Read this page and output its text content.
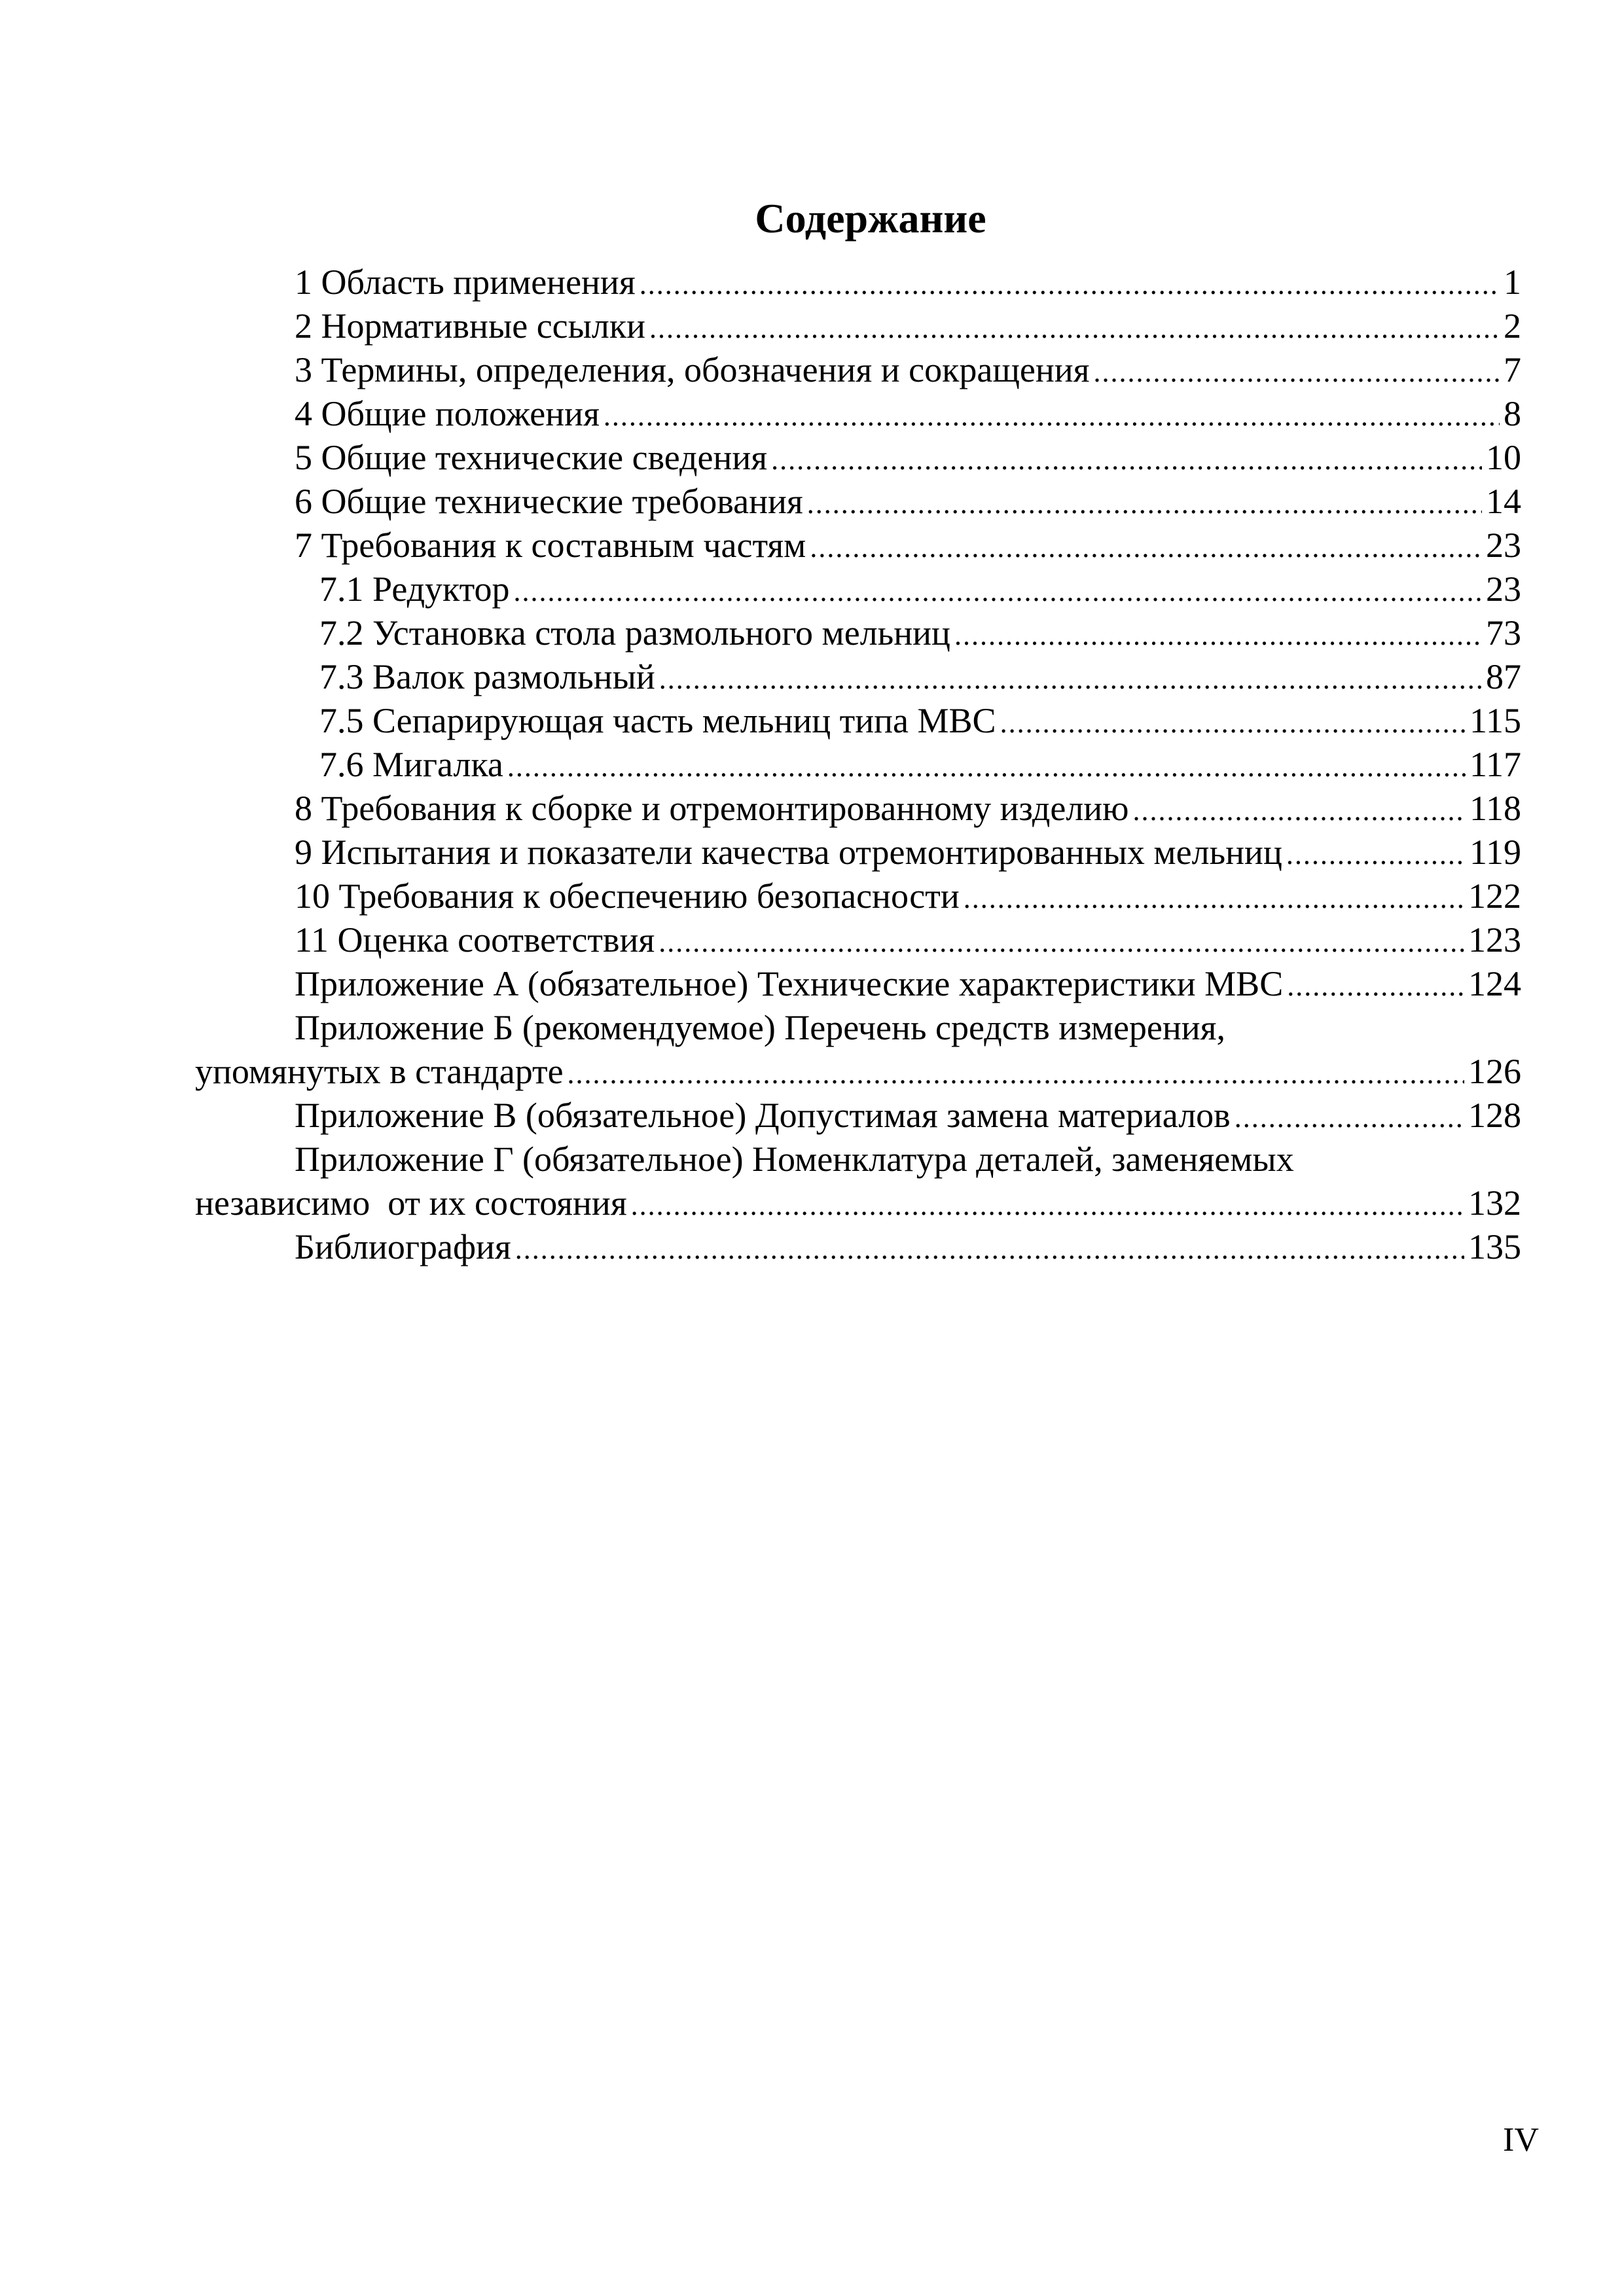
Содержание
1 Область применения .....	1
2 Нормативные ссылки .....	2
3 Термины, определения, обозначения и сокращения .....	7
4 Общие положения .....	8
5 Общие технические сведения .....	10
6 Общие технические требования .....	14
7 Требования к составным частям .....	23
7.1 Редуктор .....	23
7.2 Установка стола размольного мельниц .....	73
7.3 Валок размольный .....	87
7.5 Сепарирующая часть мельниц типа МВС .....	115
7.6 Мигалка .....	117
8 Требования к сборке и отремонтированному изделию .....	118
9 Испытания и показатели качества отремонтированных мельниц .....	119
10 Требования к обеспечению безопасности .....	122
11 Оценка соответствия .....	123
Приложение А (обязательное) Технические характеристики МВС .....	124
Приложение Б (рекомендуемое) Перечень средств измерения,
упомянутых в стандарте .....	126
Приложение В (обязательное) Допустимая замена материалов .....	128
Приложение Г (обязательное) Номенклатура деталей, заменяемых
независимо  от их состояния .....	132
Библиография .....	135
IV
